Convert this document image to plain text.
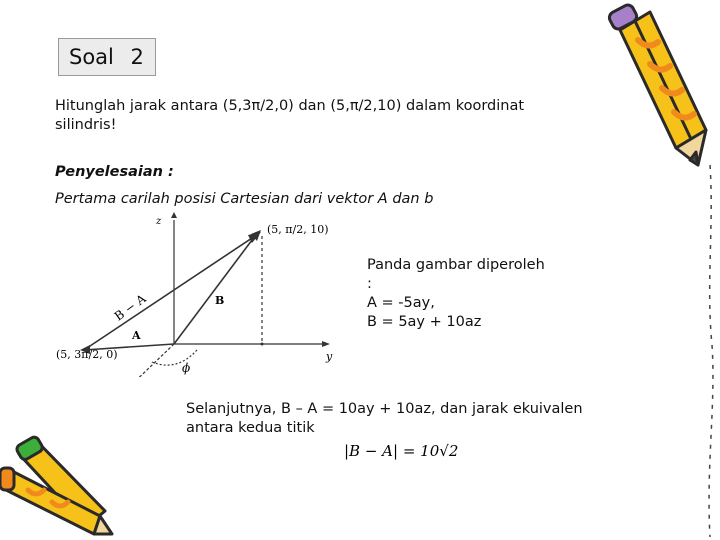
Soal 2
Hitunglah jarak antara (5,3π/2,0) dan (5,π/2,10) dalam koordinat
silindris!
Penyelesaian :
Pertama carilah posisi Cartesian dari vektor A dan b
z
y
(5, π/2, 10)
(5, 3π/2, 0)
B − A	B
A
ϕ
Panda gambar diperoleh
:
A = -5ay,
B = 5ay + 10az
Selanjutnya, B – A = 10ay + 10az, dan jarak ekuivalen
antara kedua titik
|B − A| = 10√2
